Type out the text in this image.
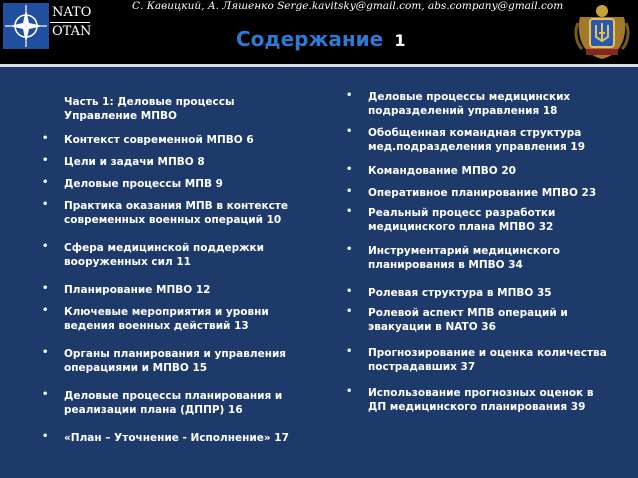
NATO
OTAN
С. Кавицкий, А. Ляшенко Serge.kavitsky@gmail.com, abs.company@gmail.com
Содержание 1
Часть 1: Деловые процессы
Управление МПВО
• Контекст современной МПВО 6
• Цели и задачи МПВО 8
• Деловые процессы МПВ 9
• Практика оказания МПВ в контексте
современных военных операций 10
• Сфера медицинской поддержки
вооруженных сил 11
• Планирование МПВО 12
• Ключевые мероприятия и уровни
ведения военных действий 13
• Органы планирования и управления
операциями и МПВО 15
• Деловые процессы планирования и
реализации плана (ДППР) 16
• «План – Уточнение - Исполнение» 17
• Деловые процессы медицинских
подразделений управления 18
• Обобщенная командная структура
мед.подразделения управления 19
• Командование МПВО 20
• Оперативное планирование МПВО 23
• Реальный процесс разработки
медицинского плана МПВО 32
• Инструментарий медицинского
планирования в МПВО 34
• Ролевая структура в МПВО 35
• Ролевой аспект МПВ операций и
эвакуации в NATO 36
• Прогнозирование и оценка количества
пострадавших 37
• Использование прогнозных оценок в
ДП медицинского планирования 39
